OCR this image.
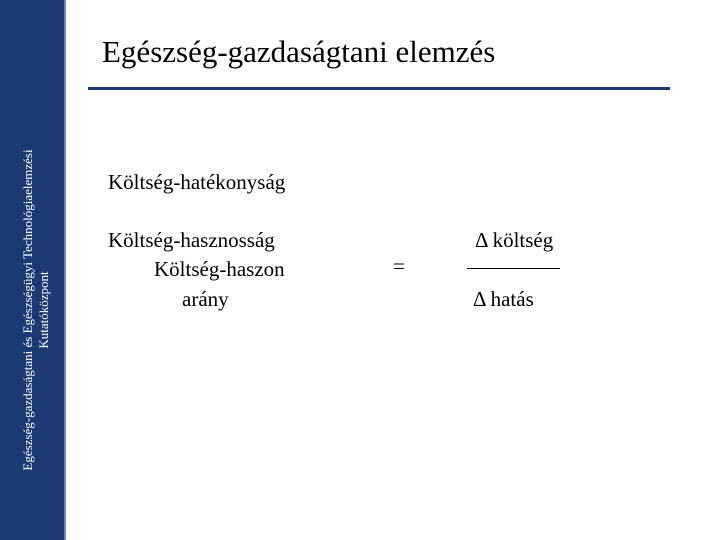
Egészség-gazdaságtani és Egészségügyi Technológiaelemzési Kutatóközpont
Egészség-gazdaságtani elemzés
Költség-hatékonyság
Költség-hasznosság
Költség-haszon
arány
=
Δ költség
Δ hatás
